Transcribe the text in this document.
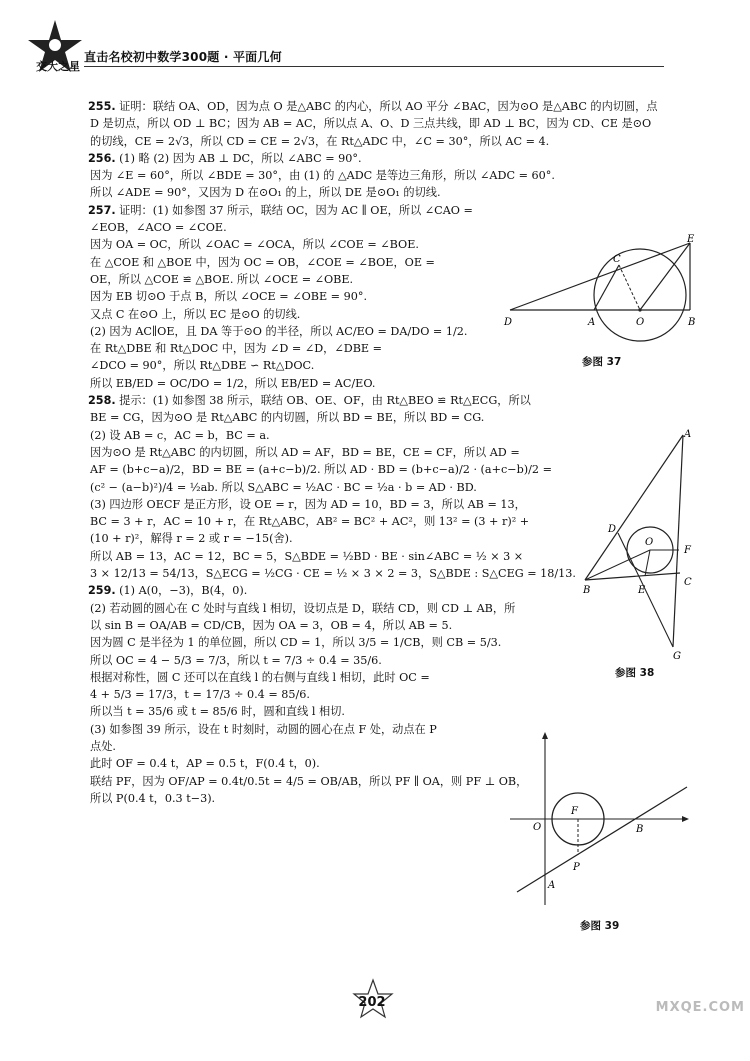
交大之星
直击名校初中数学300题 · 平面几何
255. 证明：联结 OA、OD，因为点 O 是△ABC 的内心，所以 AO 平分 ∠BAC，因为⊙O 是△ABC 的内切圆，点
D 是切点，所以 OD ⊥ BC；因为 AB = AC，所以点 A、O、D 三点共线，即 AD ⊥ BC，因为 CD、CE 是⊙O
的切线，CE = 2√3，所以 CD = CE = 2√3，在 Rt△ADC 中，∠C = 30°，所以 AC = 4.
256. (1) 略 (2) 因为 AB ⊥ DC，所以 ∠ABC = 90°.
因为 ∠E = 60°，所以 ∠BDE = 30°，由 (1) 的 △ADC 是等边三角形，所以 ∠ADC = 60°.
所以 ∠ADE = 90°，又因为 D 在⊙O₁ 的上，所以 DE 是⊙O₁ 的切线.
257. 证明：(1) 如参图 37 所示，联结 OC，因为 AC ∥ OE，所以 ∠CAO =
∠EOB，∠ACO = ∠COE.
因为 OA = OC，所以 ∠OAC = ∠OCA，所以 ∠COE = ∠BOE.
在 △COE 和 △BOE 中，因为 OC = OB，∠COE = ∠BOE，OE =
OE，所以 △COE ≌ △BOE. 所以 ∠OCE = ∠OBE.
因为 EB 切⊙O 于点 B，所以 ∠OCE = ∠OBE = 90°.
又点 C 在⊙O 上，所以 EC 是⊙O 的切线.
(2) 因为 AC∥OE，且 DA 等于⊙O 的半径，所以 AC/EO = DA/DO = 1/2.
在 Rt△DBE 和 Rt△DOC 中，因为 ∠D = ∠D，∠DBE =
∠DCO = 90°，所以 Rt△DBE ∽ Rt△DOC.
所以 EB/ED = OC/DO = 1/2，所以 EB/ED = AC/EO.
258. 提示：(1) 如参图 38 所示，联结 OB、OE、OF，由 Rt△BEO ≌ Rt△ECG，所以
BE = CG，因为⊙O 是 Rt△ABC 的内切圆，所以 BD = BE，所以 BD = CG.
(2) 设 AB = c，AC = b，BC = a.
因为⊙O 是 Rt△ABC 的内切圆，所以 AD = AF，BD = BE，CE = CF，所以 AD =
AF = (b+c−a)/2，BD = BE = (a+c−b)/2. 所以 AD · BD = (b+c−a)/2 · (a+c−b)/2 =
(c² − (a−b)²)/4 = ½ab. 所以 S△ABC = ½AC · BC = ½a · b = AD · BD.
(3) 四边形 OECF 是正方形，设 OE = r，因为 AD = 10，BD = 3，所以 AB = 13，
BC = 3 + r，AC = 10 + r，在 Rt△ABC，AB² = BC² + AC²，则 13² = (3 + r)² +
(10 + r)²，解得 r = 2 或 r = −15(舍).
所以 AB = 13，AC = 12，BC = 5，S△BDE = ½BD · BE · sin∠ABC = ½ × 3 ×
3 × 12/13 = 54/13，S△ECG = ½CG · CE = ½ × 3 × 2 = 3，S△BDE : S△CEG = 18/13.
259. (1) A(0，−3)，B(4，0).
(2) 若动圆的圆心在 C 处时与直线 l 相切，设切点是 D，联结 CD，则 CD ⊥ AB，所
以 sin B = OA/AB = CD/CB，因为 OA = 3，OB = 4，所以 AB = 5.
因为圆 C 是半径为 1 的单位圆，所以 CD = 1，所以 3/5 = 1/CB，则 CB = 5/3.
所以 OC = 4 − 5/3 = 7/3，所以 t = 7/3 ÷ 0.4 = 35/6.
根据对称性，圆 C 还可以在直线 l 的右侧与直线 l 相切，此时 OC =
4 + 5/3 = 17/3，t = 17/3 ÷ 0.4 = 85/6.
所以当 t = 35/6 或 t = 85/6 时，圆和直线 l 相切.
(3) 如参图 39 所示，设在 t 时刻时，动圆的圆心在点 F 处，动点在 P
点处.
此时 OF = 0.4 t，AP = 0.5 t，F(0.4 t，0).
联结 PF，因为 OF/AP = 0.4t/0.5t = 4/5 = OB/AB，所以 PF ∥ OA，则 PF ⊥ OB，
所以 P(0.4 t，0.3 t−3).
E
C
D	A	O	B
参图 37
A
D
O
F
B	E
C
G
参图 38
F
O	B
P
A
参图 39
202	MXQE.COM
